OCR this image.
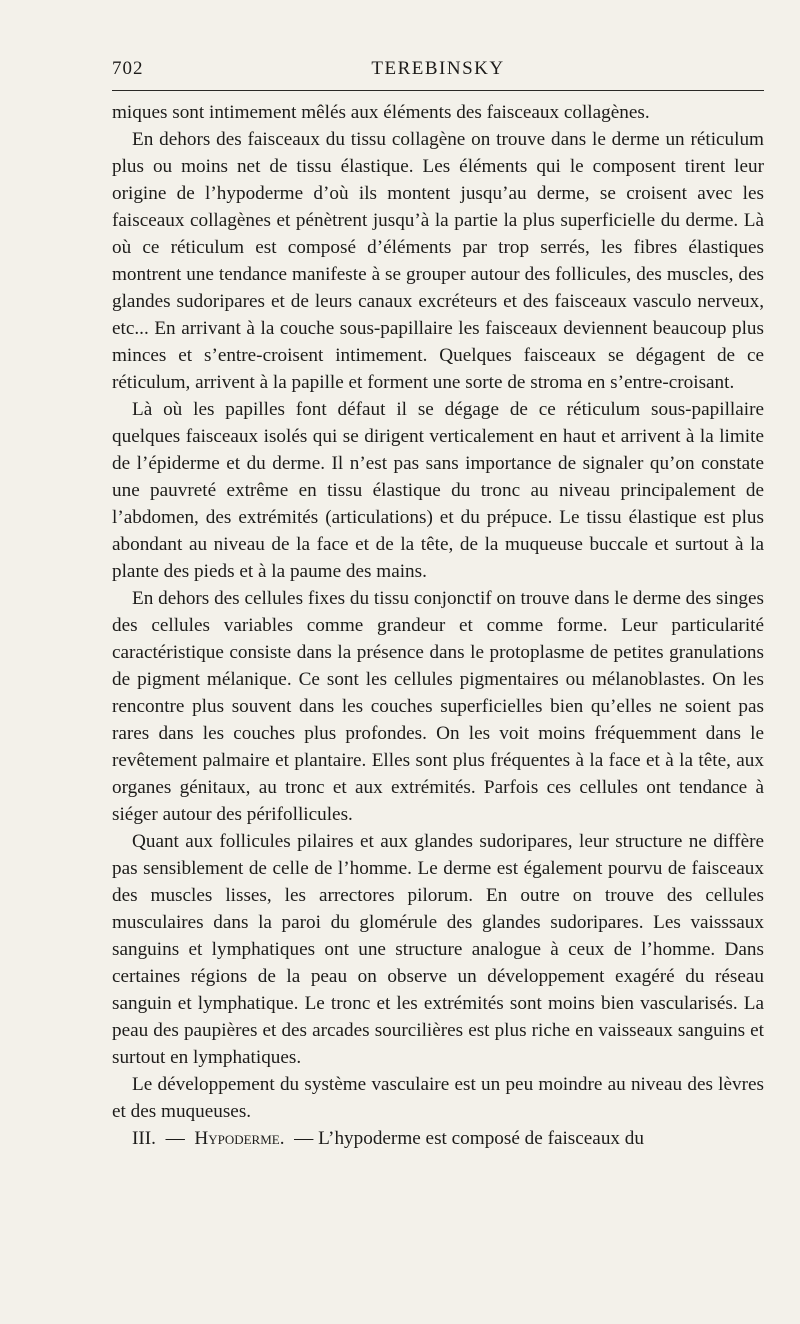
702	TEREBINSKY

miques sont intimement mêlés aux éléments des faisceaux collagènes.

En dehors des faisceaux du tissu collagène on trouve dans le derme un réticulum plus ou moins net de tissu élastique. Les éléments qui le composent tirent leur origine de l’hypoderme d’où ils montent jusqu’au derme, se croisent avec les faisceaux collagènes et pénètrent jusqu’à la partie la plus superficielle du derme. Là où ce réticulum est composé d’éléments par trop serrés, les fibres élastiques montrent une tendance manifeste à se grouper autour des follicules, des muscles, des glandes sudoripares et de leurs canaux excréteurs et des faisceaux vasculo nerveux, etc... En arrivant à la couche sous-papillaire les faisceaux deviennent beaucoup plus minces et s’entre-croisent intimement. Quelques faisceaux se dégagent de ce réticulum, arrivent à la papille et forment une sorte de stroma en s’entre-croisant.

Là où les papilles font défaut il se dégage de ce réticulum sous-papillaire quelques faisceaux isolés qui se dirigent verticalement en haut et arrivent à la limite de l’épiderme et du derme. Il n’est pas sans importance de signaler qu’on constate une pauvreté extrême en tissu élastique du tronc au niveau principalement de l’abdomen, des extrémités (articulations) et du prépuce. Le tissu élastique est plus abondant au niveau de la face et de la tête, de la muqueuse buccale et surtout à la plante des pieds et à la paume des mains.

En dehors des cellules fixes du tissu conjonctif on trouve dans le derme des singes des cellules variables comme grandeur et comme forme. Leur particularité caractéristique consiste dans la présence dans le protoplasme de petites granulations de pigment mélanique. Ce sont les cellules pigmentaires ou mélanoblastes. On les rencontre plus souvent dans les couches superficielles bien qu’elles ne soient pas rares dans les couches plus profondes. On les voit moins fréquemment dans le revêtement palmaire et plantaire. Elles sont plus fréquentes à la face et à la tête, aux organes génitaux, au tronc et aux extrémités. Parfois ces cellules ont tendance à siéger autour des périfollicules.

Quant aux follicules pilaires et aux glandes sudoripares, leur structure ne diffère pas sensiblement de celle de l’homme. Le derme est également pourvu de faisceaux des muscles lisses, les arrectores pilorum. En outre on trouve des cellules musculaires dans la paroi du glomérule des glandes sudoripares. Les vaisssaux sanguins et lymphatiques ont une structure analogue à ceux de l’homme. Dans certaines régions de la peau on observe un développement exagéré du réseau sanguin et lymphatique. Le tronc et les extrémités sont moins bien vascularisés. La peau des paupières et des arcades sourcilières est plus riche en vaisseaux sanguins et surtout en lymphatiques.

Le développement du système vasculaire est un peu moindre au niveau des lèvres et des muqueuses.

III. — Hypoderme. — L’hypoderme est composé de faisceaux du
